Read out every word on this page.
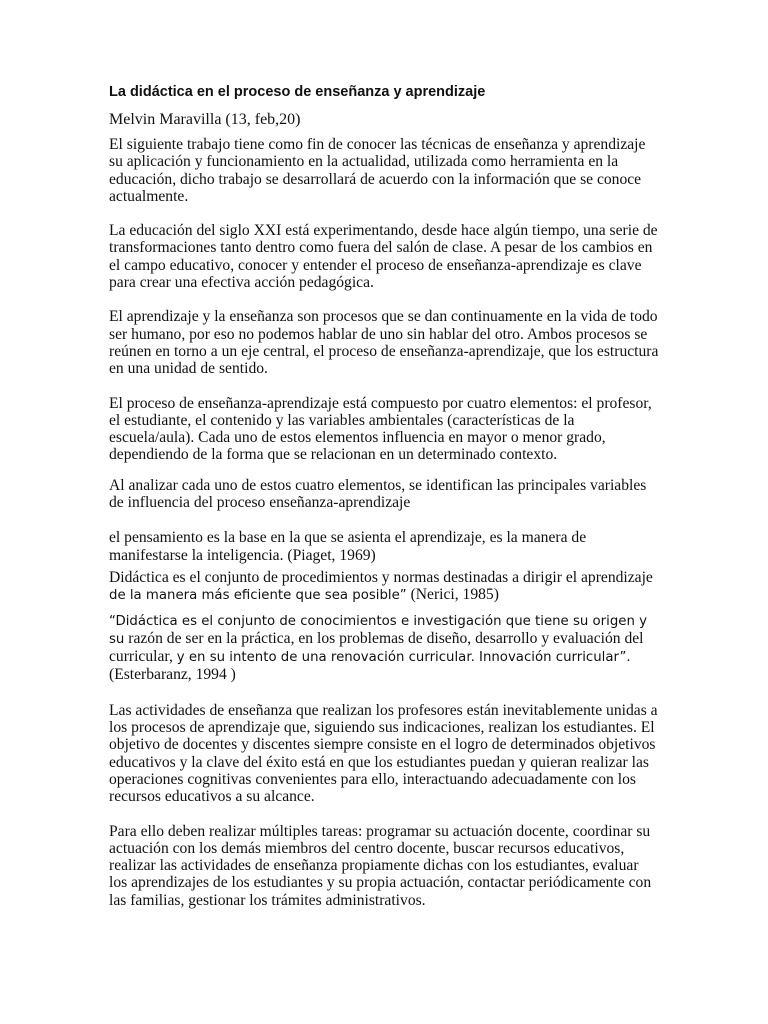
La didáctica en el proceso de enseñanza y aprendizaje
Melvin Maravilla (13, feb,20)

El siguiente trabajo tiene como fin de conocer las técnicas de enseñanza y aprendizaje su aplicación y funcionamiento en la actualidad, utilizada como herramienta en la educación, dicho trabajo se desarrollará de acuerdo con la información que se conoce actualmente.

La educación del siglo XXI está experimentando, desde hace algún tiempo, una serie de transformaciones tanto dentro como fuera del salón de clase. A pesar de los cambios en el campo educativo, conocer y entender el proceso de enseñanza-aprendizaje es clave para crear una efectiva acción pedagógica.

El aprendizaje y la enseñanza son procesos que se dan continuamente en la vida de todo ser humano, por eso no podemos hablar de uno sin hablar del otro. Ambos procesos se reúnen en torno a un eje central, el proceso de enseñanza-aprendizaje, que los estructura en una unidad de sentido.

El proceso de enseñanza-aprendizaje está compuesto por cuatro elementos: el profesor, el estudiante, el contenido y las variables ambientales (características de la escuela/aula). Cada uno de estos elementos influencia en mayor o menor grado, dependiendo de la forma que se relacionan en un determinado contexto.

Al analizar cada uno de estos cuatro elementos, se identifican las principales variables de influencia del proceso enseñanza-aprendizaje

el pensamiento es la base en la que se asienta el aprendizaje, es la manera de manifestarse la inteligencia. (Piaget, 1969)

Didáctica es el conjunto de procedimientos y normas destinadas a dirigir el aprendizaje de la manera más eficiente que sea posible” (Nerici, 1985)

“Didáctica es el conjunto de conocimientos e investigación que tiene su origen y su razón de ser en la práctica, en los problemas de diseño, desarrollo y evaluación del curricular, y en su intento de una renovación curricular. Innovación curricular”. (Esterbaranz, 1994 )

Las actividades de enseñanza que realizan los profesores están inevitablemente unidas a los procesos de aprendizaje que, siguiendo sus indicaciones, realizan los estudiantes. El objetivo de docentes y discentes siempre consiste en el logro de determinados objetivos educativos y la clave del éxito está en que los estudiantes puedan y quieran realizar las operaciones cognitivas convenientes para ello, interactuando adecuadamente con los recursos educativos a su alcance.

Para ello deben realizar múltiples tareas: programar su actuación docente, coordinar su actuación con los demás miembros del centro docente, buscar recursos educativos, realizar las actividades de enseñanza propiamente dichas con los estudiantes, evaluar los aprendizajes de los estudiantes y su propia actuación, contactar periódicamente con las familias, gestionar los trámites administrativos.
